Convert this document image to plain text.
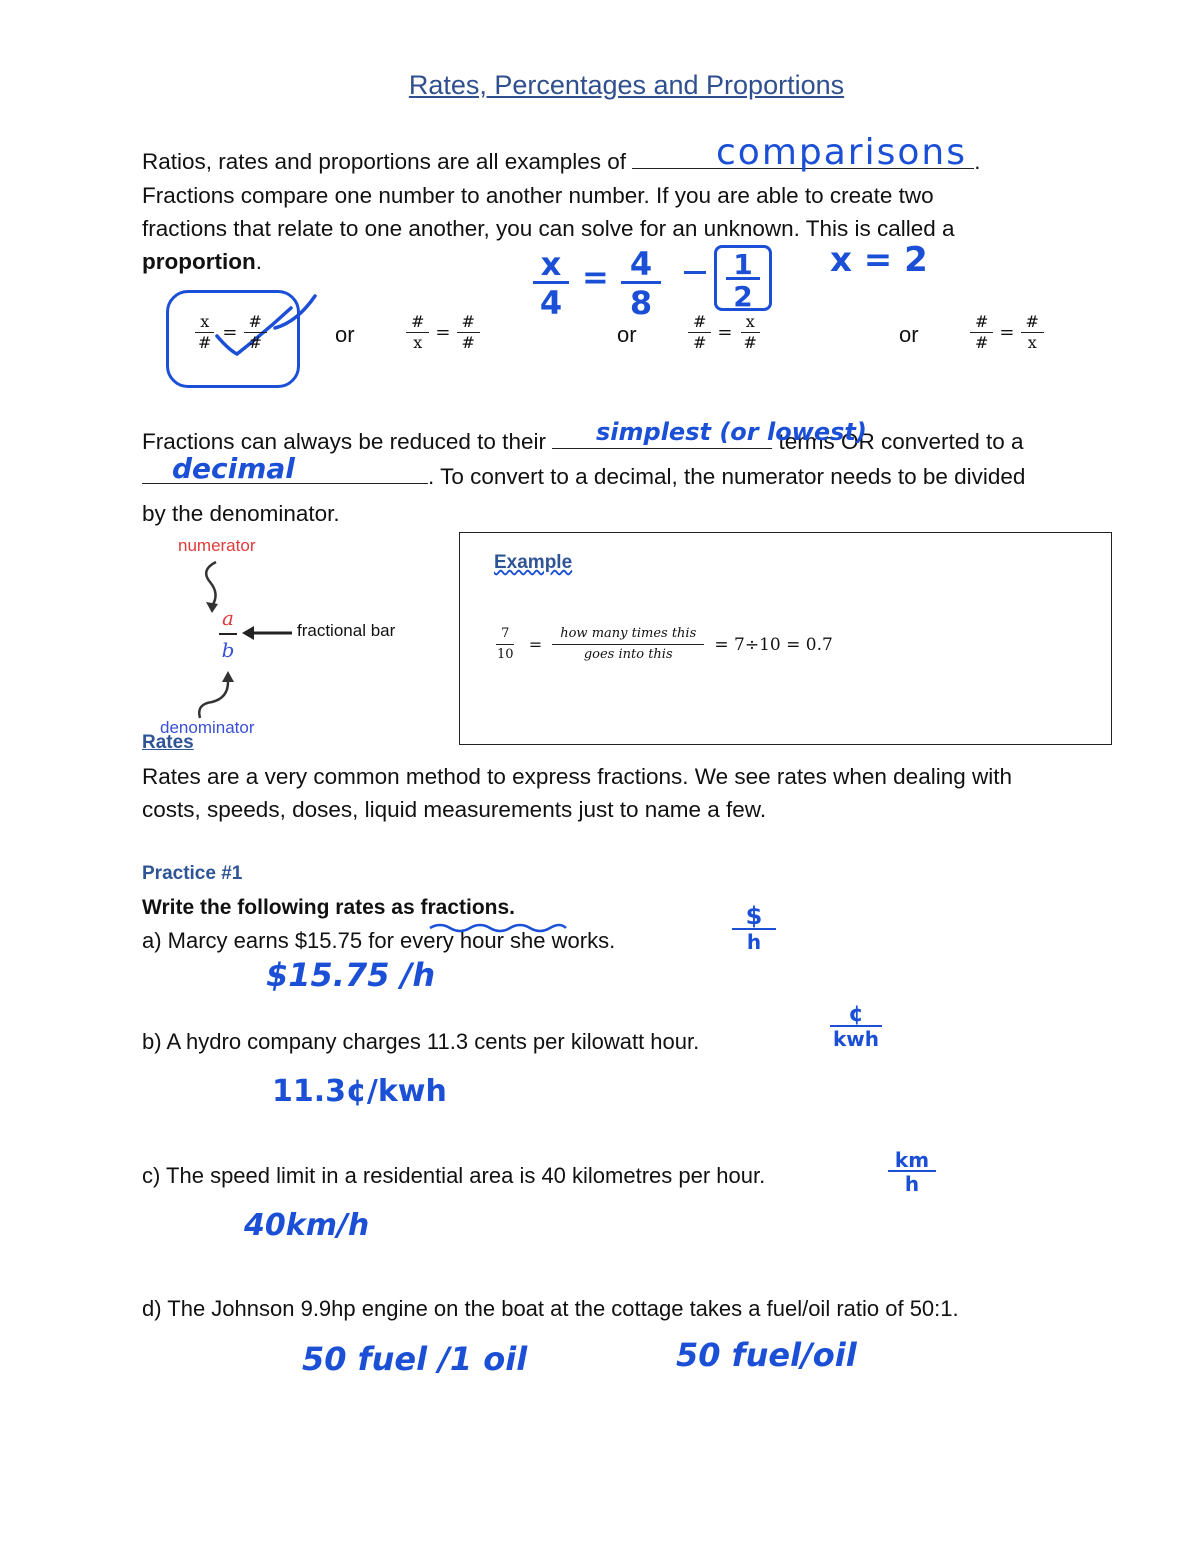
Rates, Percentages and Proportions
Ratios, rates and proportions are all examples of	.
comparisons
Fractions compare one number to another number. If you are able to create two
fractions that relate to one another, you can solve for an unknown. This is called a
proportion.	x
4
= 4
8
1
2
x = 2
$\frac{x}{\#} = \frac{\#}{\#}$	or	$\frac{\#}{x} = \frac{\#}{\#}$	or	$\frac{\#}{\#} = \frac{x}{\#}$	or	$\frac{\#}{\#} = \frac{\#}{x}$
Fractions can always be reduced to their	terms OR converted to a
simplest (or lowest)
. To convert to a decimal, the numerator needs to be divided
decimal
by the denominator.
numerator
a
b
fractional bar
denominator
Example
$\frac{7}{10} = \frac{\text{how many times this}}{\text{goes into this}} = 7\div 10 = 0.7$
Rates
Rates are a very common method to express fractions. We see rates when dealing with
costs, speeds, doses, liquid measurements just to name a few.
Practice #1
Write the following rates as fractions.
a) Marcy earns $15.75 for every hour she works.
$
h
$15.75 /h
b) A hydro company charges 11.3 cents per kilowatt hour.
¢
kwh
11.3¢/kwh
c) The speed limit in a residential area is 40 kilometres per hour.
km
h
40km/h
d) The Johnson 9.9hp engine on the boat at the cottage takes a fuel/oil ratio of 50:1.
50 fuel /1 oil	50 fuel/oil
